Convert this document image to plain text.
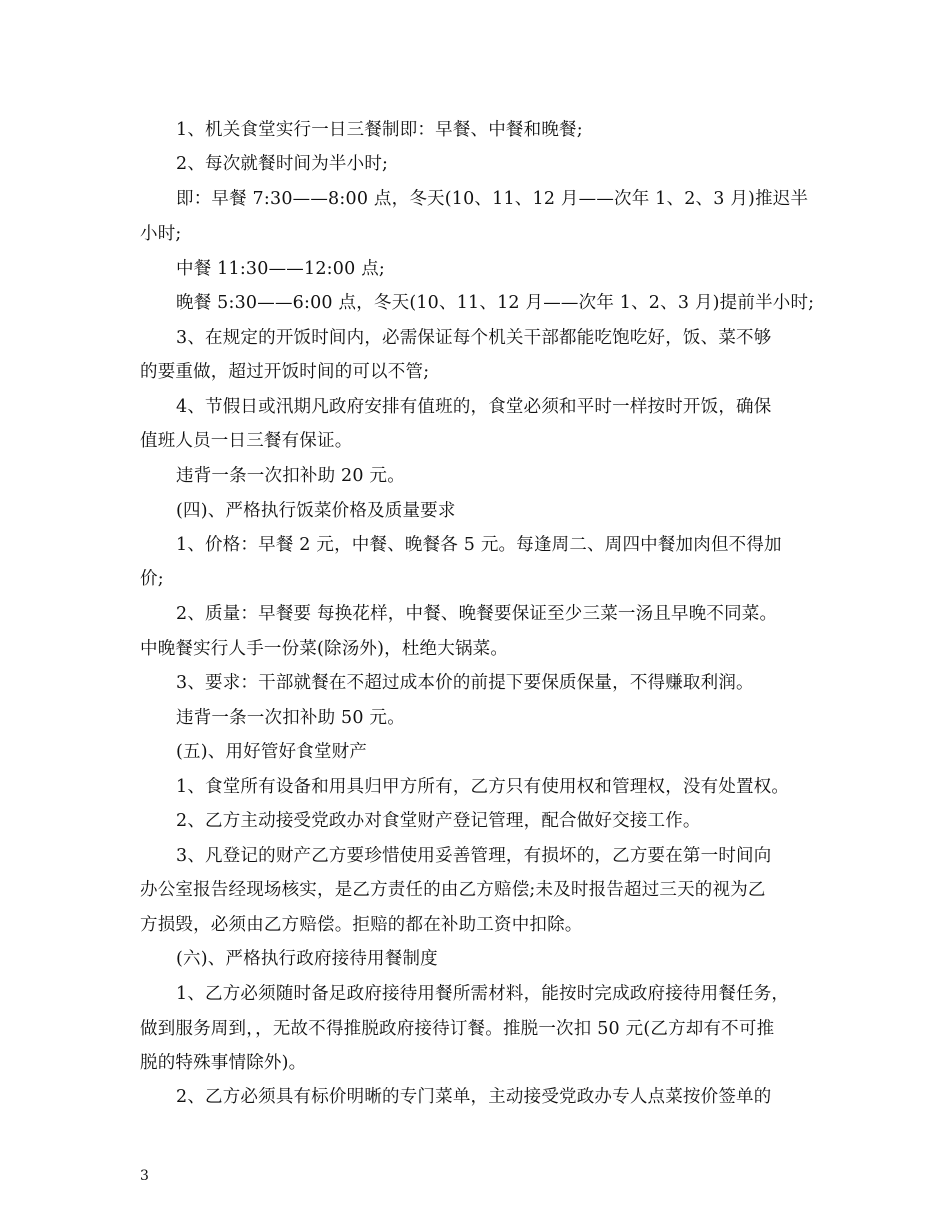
1、机关食堂实行一日三餐制即：早餐、中餐和晚餐;
2、每次就餐时间为半小时;
即：早餐 7:30——8:00 点，冬天(10、11、12 月——次年 1、2、3 月)推迟半
小时;
中餐 11:30——12:00 点;
晚餐 5:30——6:00 点，冬天(10、11、12 月——次年 1、2、3 月)提前半小时;
3、在规定的开饭时间内，必需保证每个机关干部都能吃饱吃好，饭、菜不够
的要重做，超过开饭时间的可以不管;
4、节假日或汛期凡政府安排有值班的，食堂必须和平时一样按时开饭，确保
值班人员一日三餐有保证。
违背一条一次扣补助 20 元。
(四)、严格执行饭菜价格及质量要求
1、价格：早餐 2 元，中餐、晚餐各 5 元。每逢周二、周四中餐加肉但不得加
价;
2、质量：早餐要 每换花样，中餐、晚餐要保证至少三菜一汤且早晚不同菜。
中晚餐实行人手一份菜(除汤外)，杜绝大锅菜。
3、要求：干部就餐在不超过成本价的前提下要保质保量，不得赚取利润。
违背一条一次扣补助 50 元。
(五)、用好管好食堂财产
1、食堂所有设备和用具归甲方所有，乙方只有使用权和管理权，没有处置权。
2、乙方主动接受党政办对食堂财产登记管理，配合做好交接工作。
3、凡登记的财产乙方要珍惜使用妥善管理，有损坏的，乙方要在第一时间向
办公室报告经现场核实，是乙方责任的由乙方赔偿;未及时报告超过三天的视为乙
方损毁，必须由乙方赔偿。拒赔的都在补助工资中扣除。
(六)、严格执行政府接待用餐制度
1、乙方必须随时备足政府接待用餐所需材料，能按时完成政府接待用餐任务，
做到服务周到，，无故不得推脱政府接待订餐。推脱一次扣 50 元(乙方却有不可推
脱的特殊事情除外)。
2、乙方必须具有标价明晰的专门菜单，主动接受党政办专人点菜按价签单的
3
